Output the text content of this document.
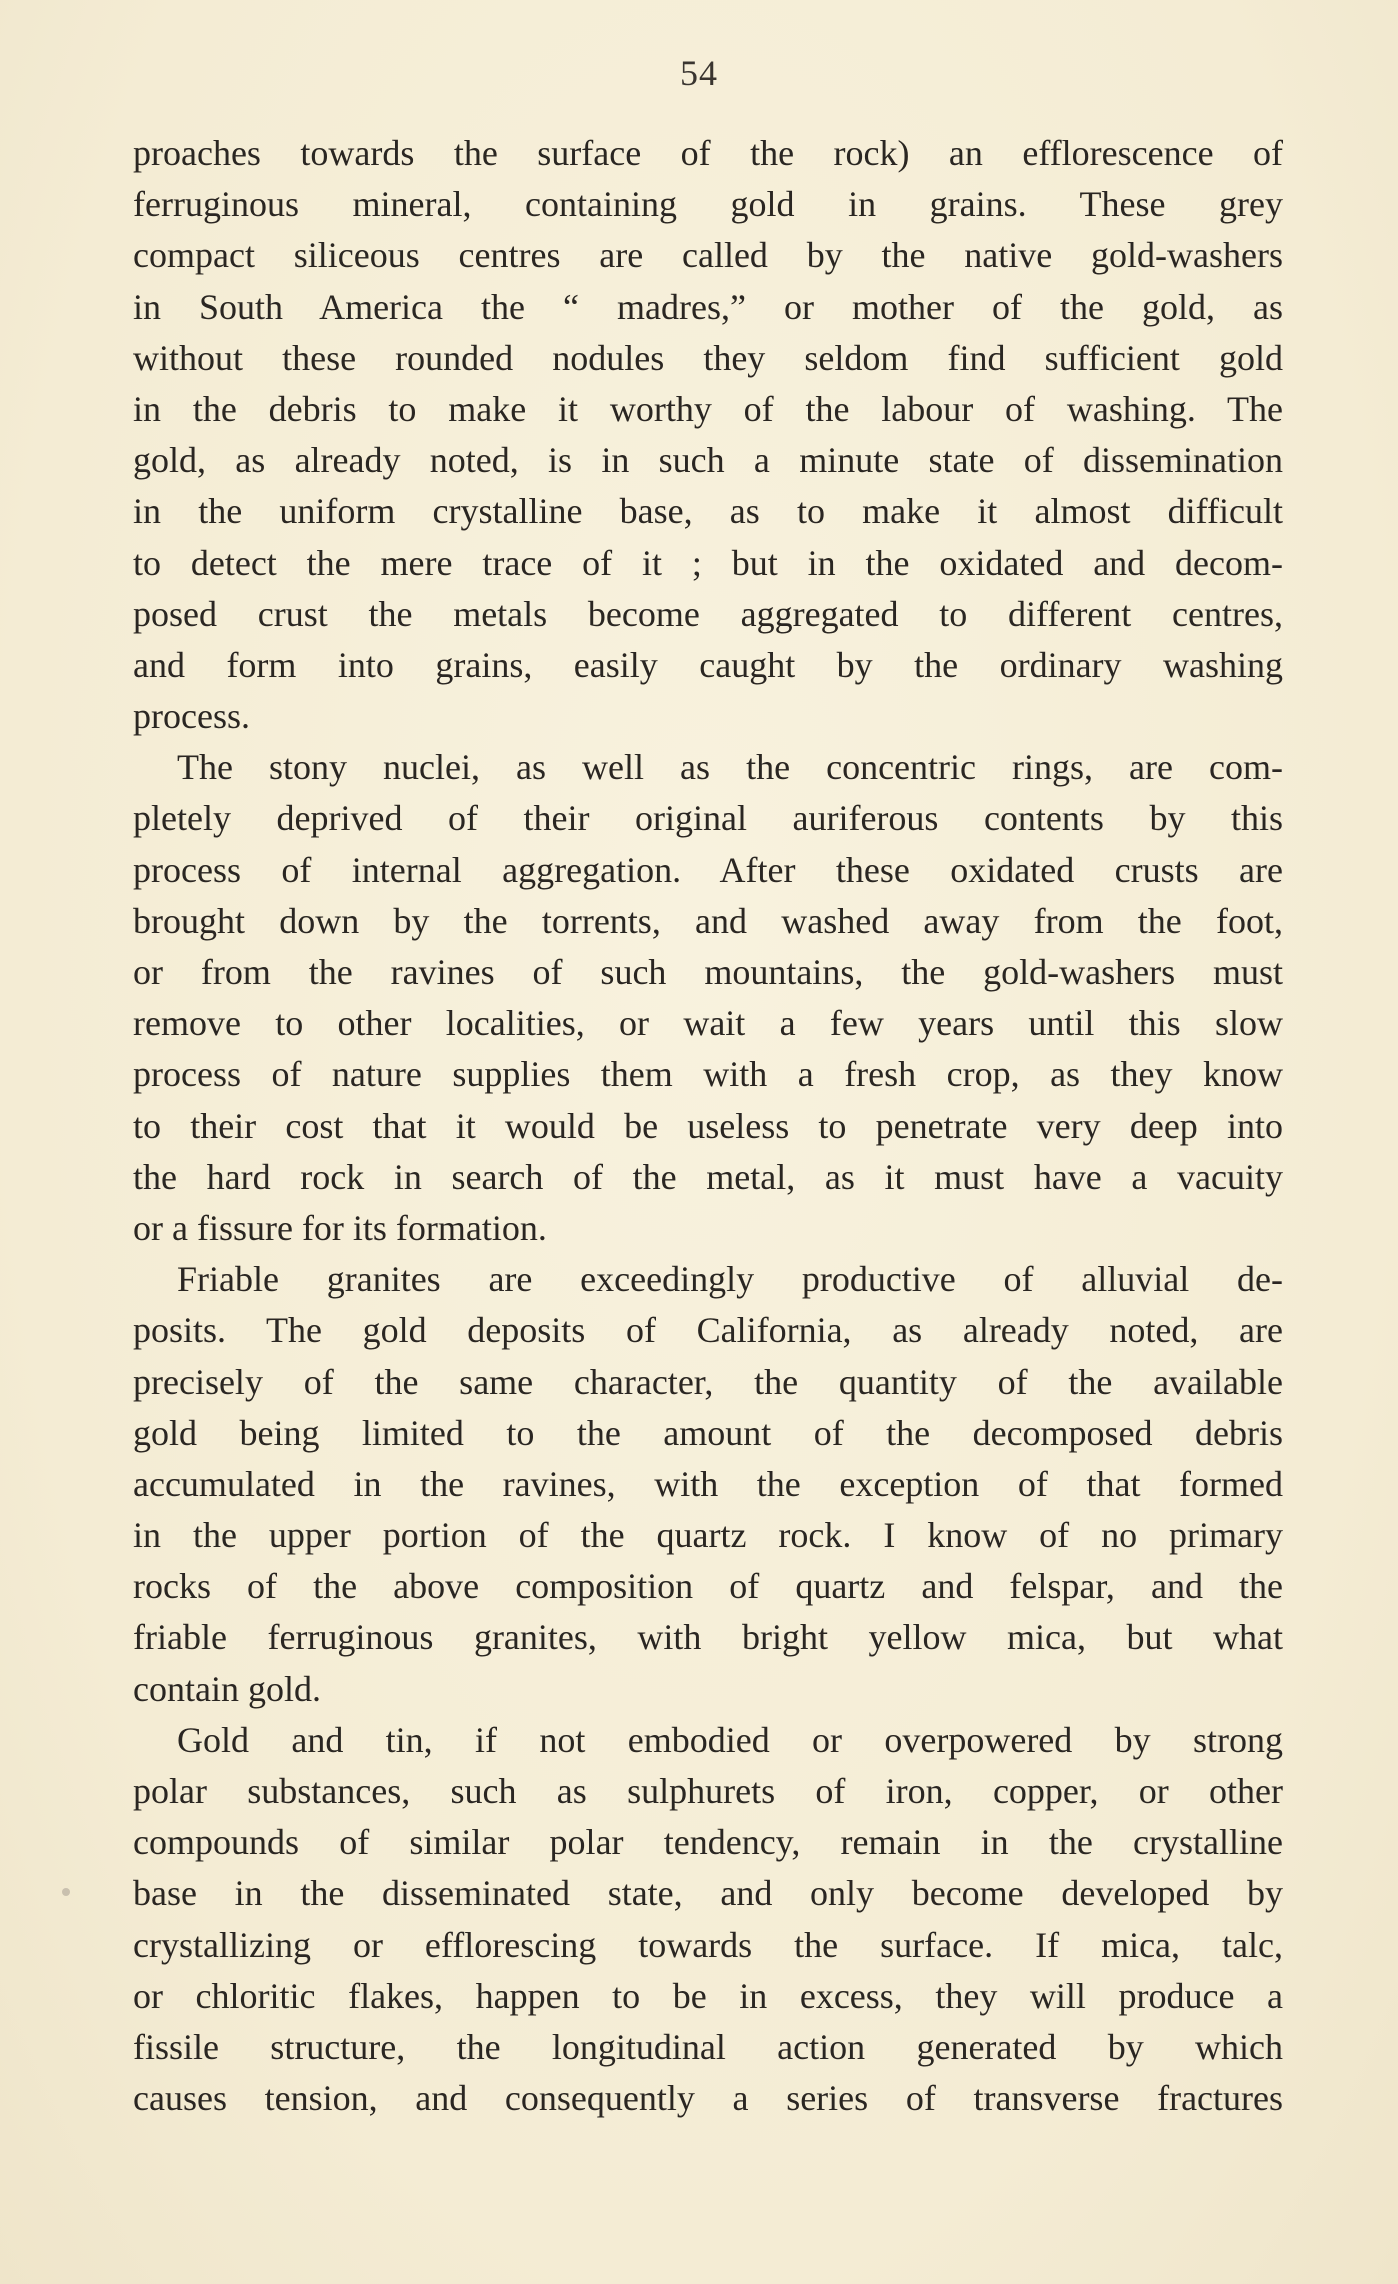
54

proaches towards the surface of the rock) an efflorescence of
ferruginous mineral, containing gold in grains. These grey
compact siliceous centres are called by the native gold-washers
in South America the “ madres,” or mother of the gold, as
without these rounded nodules they seldom find sufficient gold
in the debris to make it worthy of the labour of washing. The
gold, as already noted, is in such a minute state of dissemination
in the uniform crystalline base, as to make it almost difficult
to detect the mere trace of it ; but in the oxidated and decom-
posed crust the metals become aggregated to different centres,
and form into grains, easily caught by the ordinary washing
process.

The stony nuclei, as well as the concentric rings, are com-
pletely deprived of their original auriferous contents by this
process of internal aggregation. After these oxidated crusts are
brought down by the torrents, and washed away from the foot,
or from the ravines of such mountains, the gold-washers must
remove to other localities, or wait a few years until this slow
process of nature supplies them with a fresh crop, as they know
to their cost that it would be useless to penetrate very deep into
the hard rock in search of the metal, as it must have a vacuity
or a fissure for its formation.

Friable granites are exceedingly productive of alluvial de-
posits. The gold deposits of California, as already noted, are
precisely of the same character, the quantity of the available
gold being limited to the amount of the decomposed debris
accumulated in the ravines, with the exception of that formed
in the upper portion of the quartz rock. I know of no primary
rocks of the above composition of quartz and felspar, and the
friable ferruginous granites, with bright yellow mica, but what
contain gold.

Gold and tin, if not embodied or overpowered by strong
polar substances, such as sulphurets of iron, copper, or other
compounds of similar polar tendency, remain in the crystalline
base in the disseminated state, and only become developed by
crystallizing or efflorescing towards the surface. If mica, talc,
or chloritic flakes, happen to be in excess, they will produce a
fissile structure, the longitudinal action generated by which
causes tension, and consequently a series of transverse fractures
